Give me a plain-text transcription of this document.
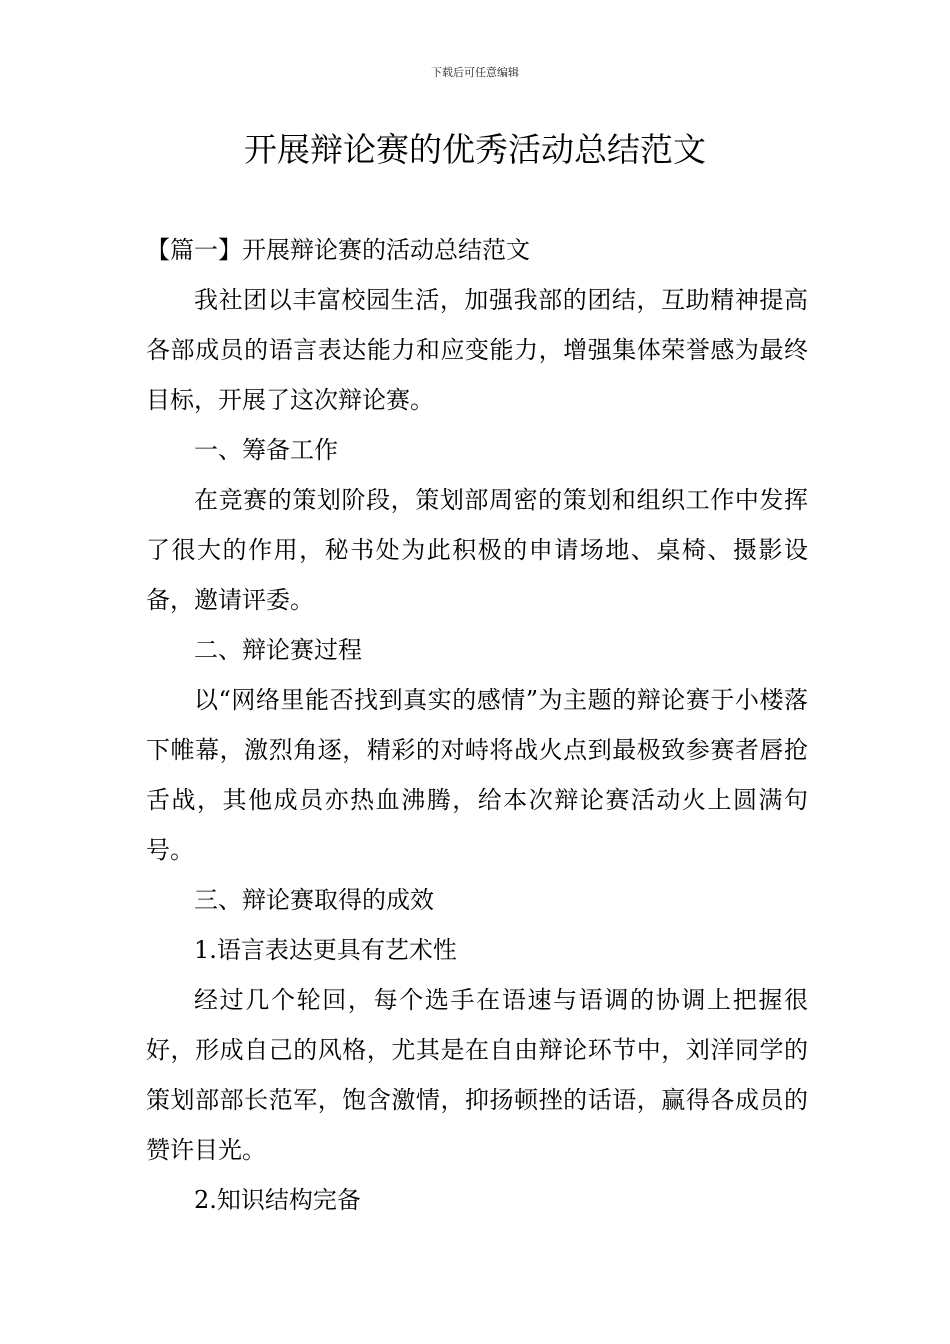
下载后可任意编辑
开展辩论赛的优秀活动总结范文

【篇一】开展辩论赛的活动总结范文

我社团以丰富校园生活，加强我部的团结，互助精神提高各部成员的语言表达能力和应变能力，增强集体荣誉感为最终目标，开展了这次辩论赛。

一、筹备工作

在竞赛的策划阶段，策划部周密的策划和组织工作中发挥了很大的作用，秘书处为此积极的申请场地、桌椅、摄影设备，邀请评委。

二、辩论赛过程

以“网络里能否找到真实的感情”为主题的辩论赛于小楼落下帷幕，激烈角逐，精彩的对峙将战火点到最极致参赛者唇抢舌战，其他成员亦热血沸腾，给本次辩论赛活动火上圆满句号。

三、辩论赛取得的成效

1.语言表达更具有艺术性

经过几个轮回，每个选手在语速与语调的协调上把握很好，形成自己的风格，尤其是在自由辩论环节中，刘洋同学的策划部部长范军，饱含激情，抑扬顿挫的话语，赢得各成员的赞许目光。

2.知识结构完备
